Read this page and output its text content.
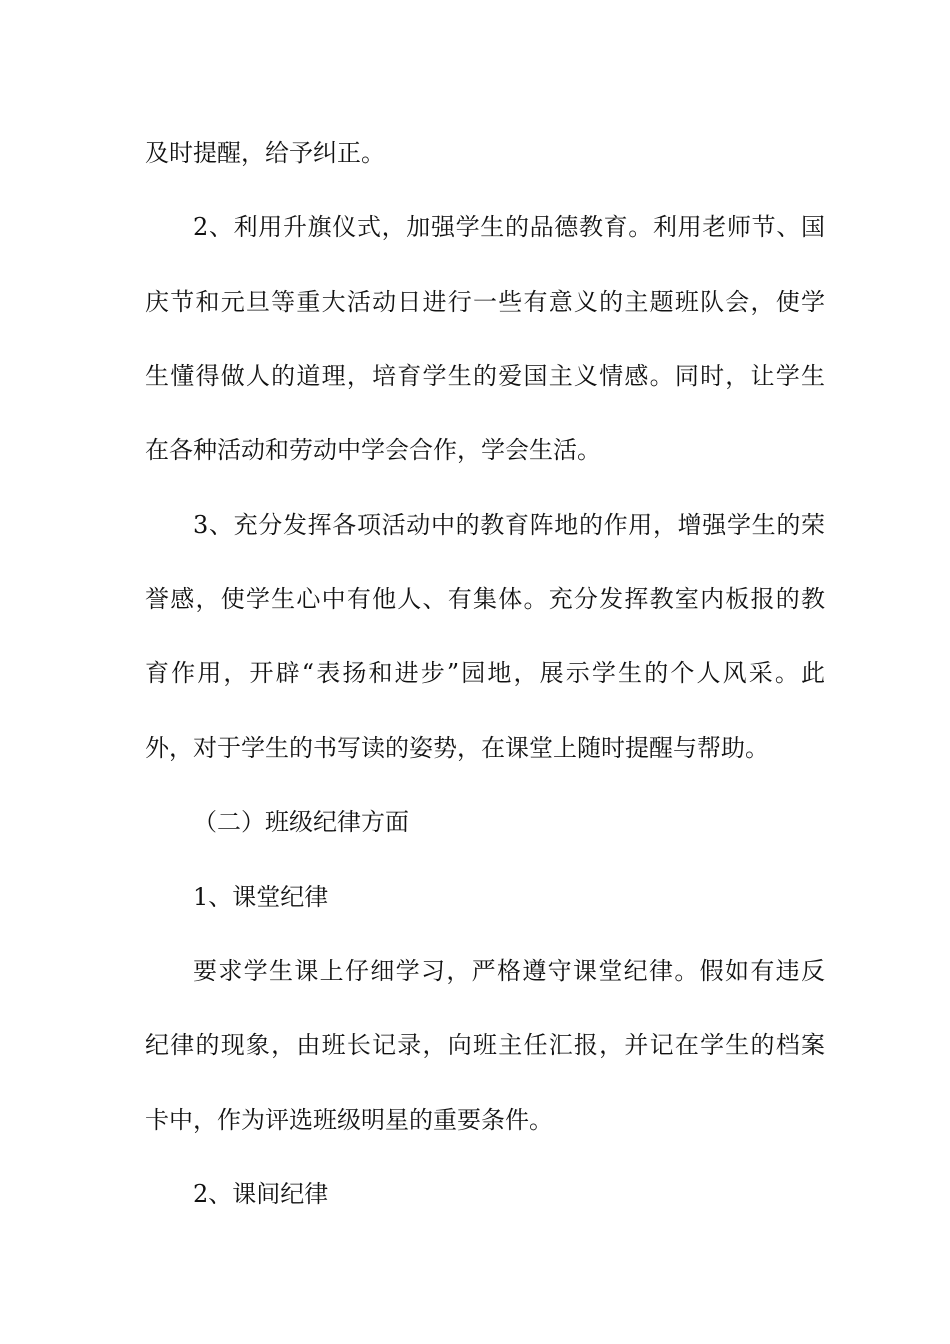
及时提醒，给予纠正。
2、利用升旗仪式，加强学生的品德教育。利用老师节、国
庆节和元旦等重大活动日进行一些有意义的主题班队会，使学
生懂得做人的道理，培育学生的爱国主义情感。同时，让学生
在各种活动和劳动中学会合作，学会生活。
3、充分发挥各项活动中的教育阵地的作用，增强学生的荣
誉感，使学生心中有他人、有集体。充分发挥教室内板报的教
育作用，开辟“表扬和进步”园地，展示学生的个人风采。此
外，对于学生的书写读的姿势，在课堂上随时提醒与帮助。
（二）班级纪律方面
1、课堂纪律
要求学生课上仔细学习，严格遵守课堂纪律。假如有违反
纪律的现象，由班长记录，向班主任汇报，并记在学生的档案
卡中，作为评选班级明星的重要条件。
2、课间纪律
